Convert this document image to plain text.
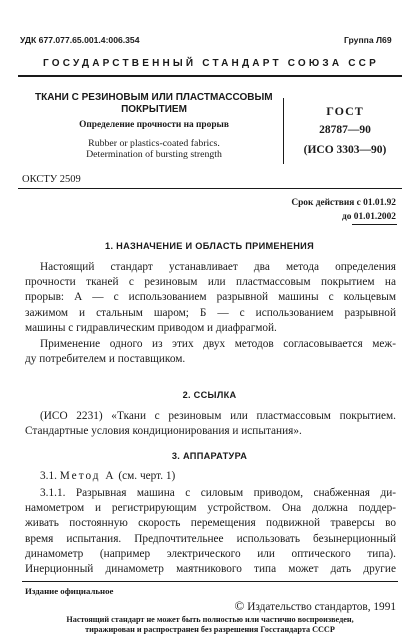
УДК 677.077.65.001.4:006.354	Группа Л69
ГОСУДАРСТВЕННЫЙ СТАНДАРТ СОЮЗА ССР
ТКАНИ С РЕЗИНОВЫМ ИЛИ ПЛАСТМАССОВЫМ
ПОКРЫТИЕМ
Определение прочности на прорыв
Rubber or plastics-coated fabrics.
Determination of bursting strength
ГОСТ
28787—90
(ИСО 3303—90)
ОКСТУ 2509
Срок действия с 01.01.92
до 01.01.2002
1. НАЗНАЧЕНИЕ И ОБЛАСТЬ ПРИМЕНЕНИЯ
Настоящий стандарт устанавливает два метода определения
прочности тканей с резиновым или пластмассовым покрытием на
прорыв: А — с использованием разрывной машины с кольцевым
зажимом и стальным шаром; Б — с использованием разрывной
машины с гидравлическим приводом и диафрагмой.
Применение одного из этих двух методов согласовывается меж-
ду потребителем и поставщиком.
2. ССЫЛКА
(ИСО 2231) «Ткани с резиновым или пластмассовым покрытием.
Стандартные условия кондиционирования и испытания».
3. АППАРАТУРА
3.1. Метод А (см. черт. 1)
3.1.1. Разрывная машина с силовым приводом, снабженная ди-
намометром и регистрирующим устройством. Она должна поддер-
живать постоянную скорость перемещения подвижной траверсы во
время испытания. Предпочтительнее использовать безынерционный
динамометр (например электрического или оптического типа).
Инерционный динамометр маятникового типа может дать другие
Издание официальное
© Издательство стандартов, 1991
Настоящий стандарт не может быть полностью или частично воспроизведен,
тиражирован и распространен без разрешения Госстандарта СССР
